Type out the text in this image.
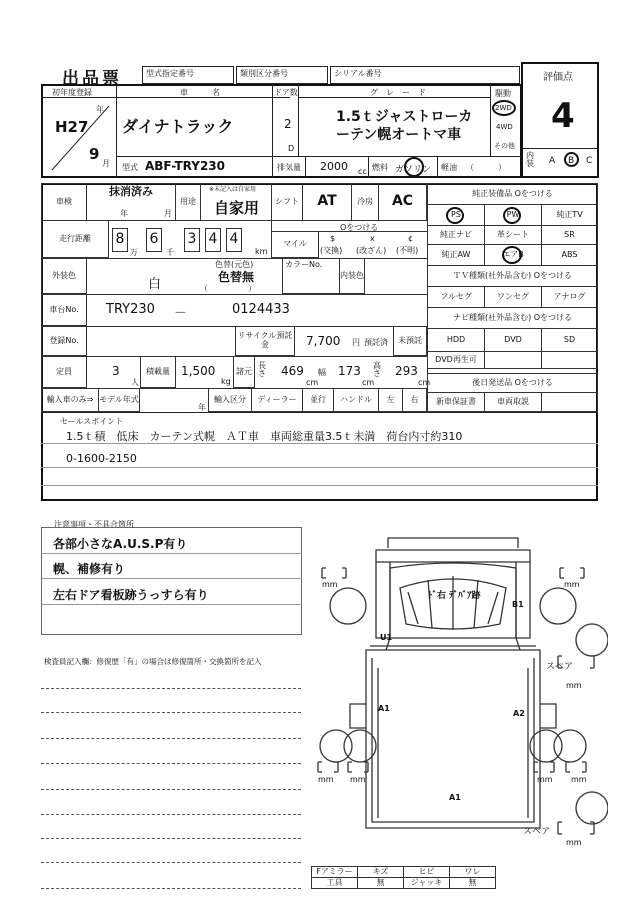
出品票	型式指定番号	類別区分番号	シリアル番号	評価点
4
内装 A B C
初年度登録	車　　　名	ドア数	グ　レ　ー　ド
年
H27
9
月
ダイナトラック	2
D
1.5ｔジャストローカ
ーテン幌オートマ車
駆動
2WD
4WD
その他
型式 ABF-TRY230	排気量 2000 cc 燃料 ガソリン 軽油 （　　　）
車検
抹消済み
年	月
用途
※未記入は自家用
自家用	シフト	AT	冷房	AC
走行距離	8
万
6
千
3 4 4
km
マイル
Oをつける
$
(交換)
x
(改ざん)
¢
(不明)
外装色
色替(元色)
白	色替無
（　　　　　）
カラーNo.
内装色
車台No.	TRY230 －	0124433
登録No.	リサイクル預託金	7,700 円 預託済	未預託
定員	3
人
積載量 1,500
kg
諸元
長さ 469
cm
幅 173
cm
高さ 293
cm
輸入車のみ⇒ モデル年式
年
輸入区分	ディーラー	並行	ハンドル	左	右
純正装備品 Oをつける
PS	PW	純正TV
純正ナビ	革シート	SR
純正AW	エアB	ABS
ＴＶ種類(社外品含む) Oをつける
フルセグ	ワンセグ	アナログ
ナビ種類(社外品含む) Oをつける
HDD	DVD	SD
DVD再生可
後日発送品 Oをつける
新車保証書	車両取説
セールスポイント
1.5ｔ積　低床　カーテン式幌　ＡＴ車　車両総重量3.5ｔ未満　荷台内寸約310
0-1600-2150
注意事項・不具合箇所
各部小さなA.U.S.P有り
幌、補修有り
左右ドア看板跡うっすら有り
検査員記入欄：修復歴「有」の場合は修復箇所・交換箇所を記入
mm	mm
mm mm	mm mm
mm
mm
スペア
スペア
ﾄﾞ右 ﾃﾞﾊﾞｱ跡
B1
U1
A1
A2
A1
Fアミラー	キズ	ヒビ	ワレ
工具	無	ジャッキ	無
